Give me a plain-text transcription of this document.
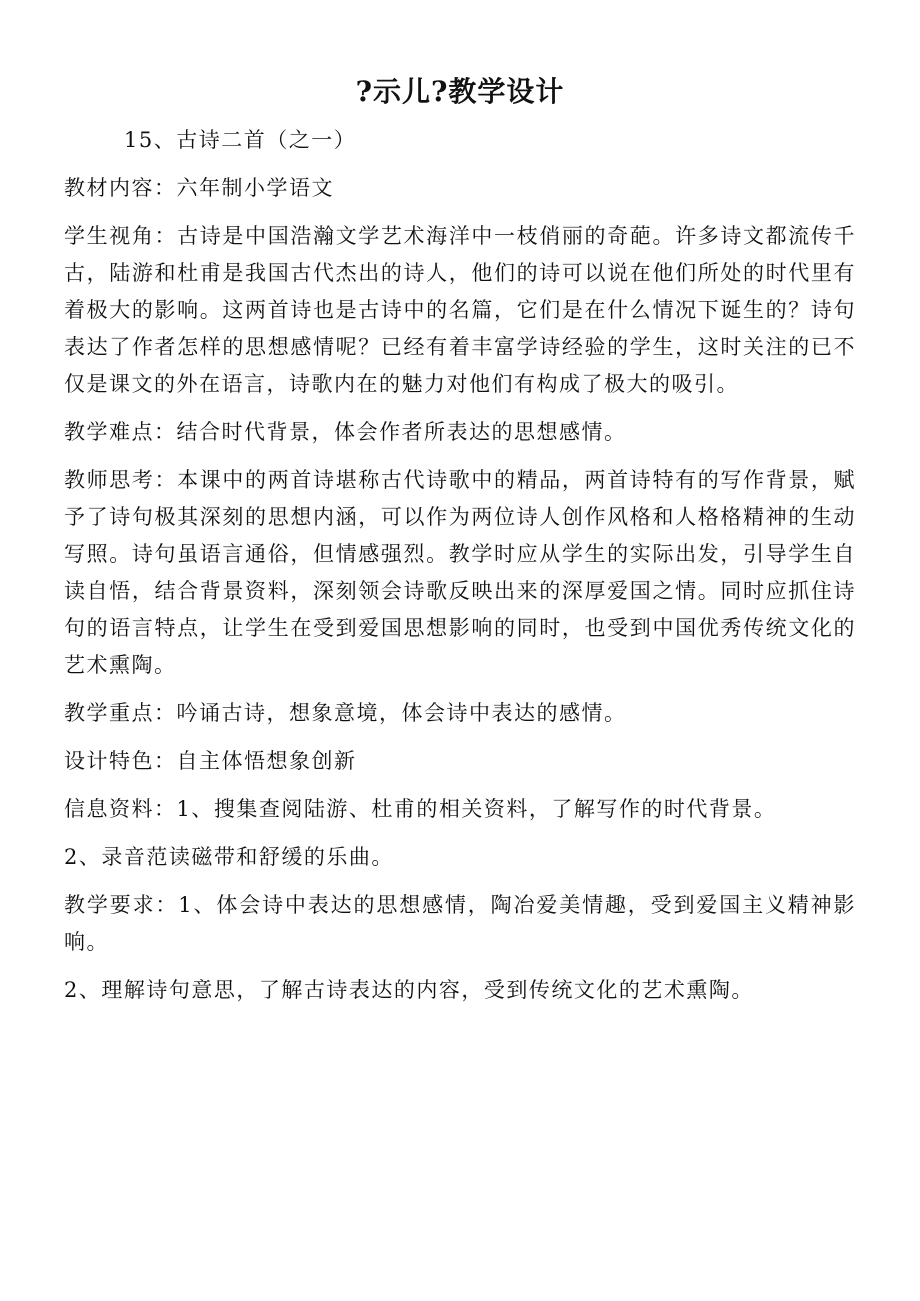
?示儿?教学设计

15、古诗二首（之一）

教材内容：六年制小学语文

学生视角：古诗是中国浩瀚文学艺术海洋中一枝俏丽的奇葩。许多诗文都流传千古，陆游和杜甫是我国古代杰出的诗人，他们的诗可以说在他们所处的时代里有着极大的影响。这两首诗也是古诗中的名篇，它们是在什么情况下诞生的？诗句表达了作者怎样的思想感情呢？已经有着丰富学诗经验的学生，这时关注的已不仅是课文的外在语言，诗歌内在的魅力对他们有构成了极大的吸引。

教学难点：结合时代背景，体会作者所表达的思想感情。

教师思考：本课中的两首诗堪称古代诗歌中的精品，两首诗特有的写作背景，赋予了诗句极其深刻的思想内涵，可以作为两位诗人创作风格和人格格精神的生动写照。诗句虽语言通俗，但情感强烈。教学时应从学生的实际出发，引导学生自读自悟，结合背景资料，深刻领会诗歌反映出来的深厚爱国之情。同时应抓住诗句的语言特点，让学生在受到爱国思想影响的同时，也受到中国优秀传统文化的艺术熏陶。

教学重点：吟诵古诗，想象意境，体会诗中表达的感情。

设计特色：自主体悟想象创新

信息资料：1、搜集查阅陆游、杜甫的相关资料，了解写作的时代背景。

2、录音范读磁带和舒缓的乐曲。

教学要求：1、体会诗中表达的思想感情，陶冶爱美情趣，受到爱国主义精神影响。

2、理解诗句意思，了解古诗表达的内容，受到传统文化的艺术熏陶。
